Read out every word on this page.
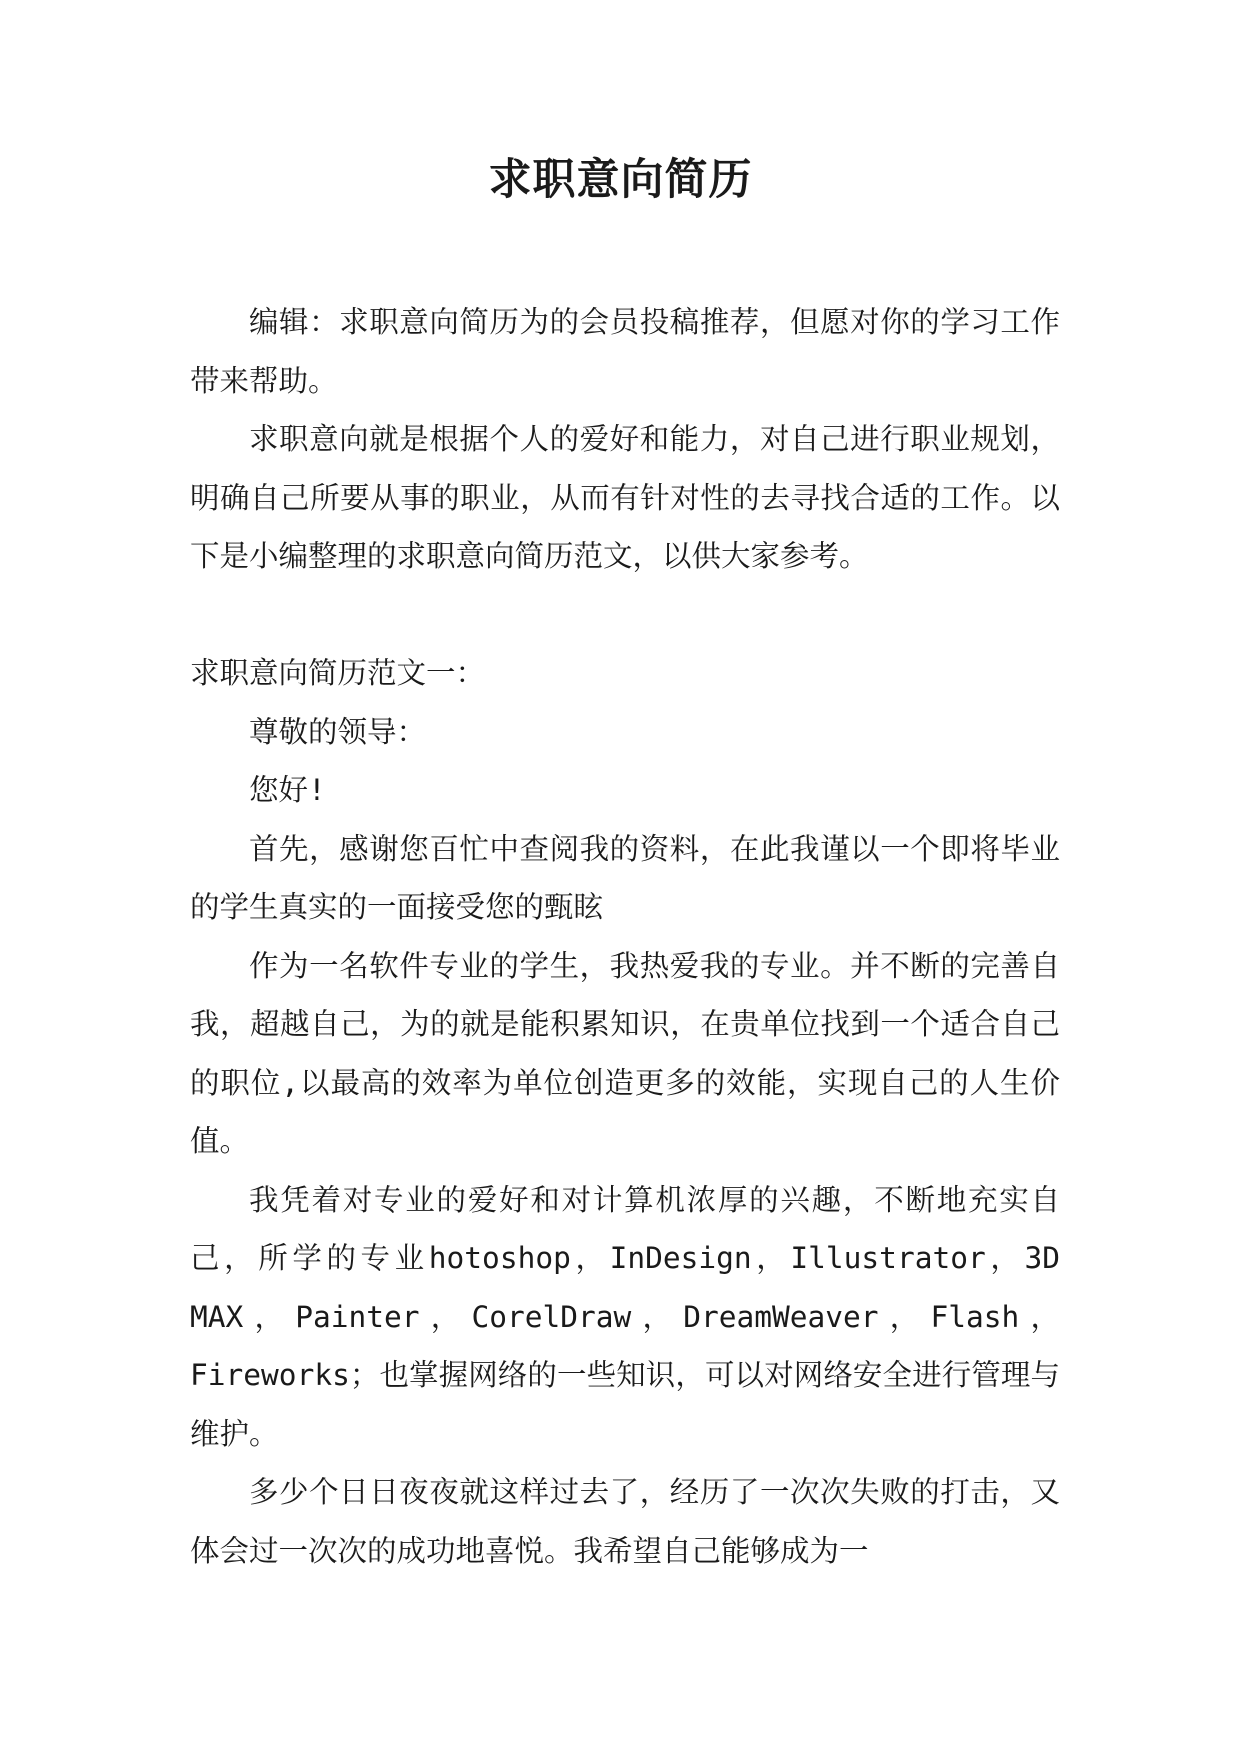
求职意向简历

编辑：求职意向简历为的会员投稿推荐，但愿对你的学习工作带来帮助。

求职意向就是根据个人的爱好和能力，对自己进行职业规划，明确自己所要从事的职业，从而有针对性的去寻找合适的工作。以下是小编整理的求职意向简历范文，以供大家参考。

求职意向简历范文一：

尊敬的领导：

您好!

首先，感谢您百忙中查阅我的资料，在此我谨以一个即将毕业的学生真实的一面接受您的甄眩

作为一名软件专业的学生，我热爱我的专业。并不断的完善自我，超越自己，为的就是能积累知识，在贵单位找到一个适合自己的职位,以最高的效率为单位创造更多的效能，实现自己的人生价值。

我凭着对专业的爱好和对计算机浓厚的兴趣，不断地充实自己，所学的专业hotoshop，InDesign，Illustrator，3D MAX，Painter，CorelDraw，DreamWeaver，Flash，Fireworks；也掌握网络的一些知识，可以对网络安全进行管理与维护。

多少个日日夜夜就这样过去了，经历了一次次失败的打击，又体会过一次次的成功地喜悦。我希望自己能够成为一
